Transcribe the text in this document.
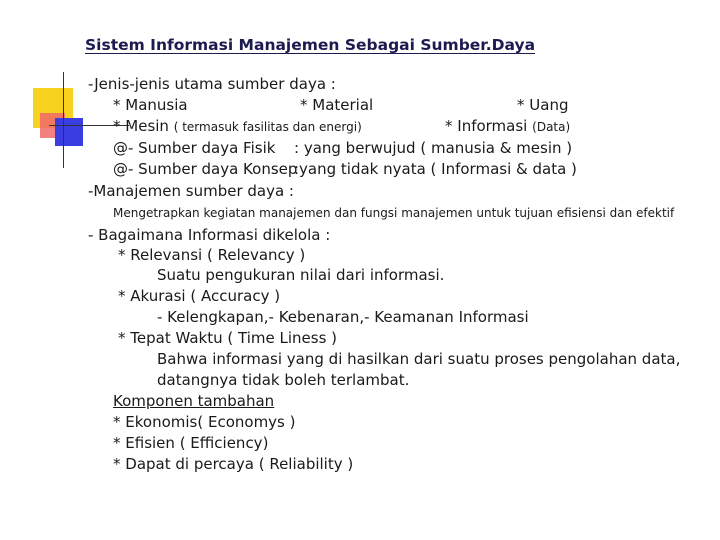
Sistem Informasi Manajemen Sebagai Sumber.Daya
-Jenis-jenis utama sumber daya :
* Manusia	* Material	* Uang
* Mesin ( termasuk fasilitas dan energi)	* Informasi (Data)
@- Sumber daya Fisik : yang berwujud ( manusia & mesin )
@- Sumber daya Konsep
:yang tidak nyata ( Informasi & data )
-Manajemen sumber daya :
Mengetrapkan kegiatan manajemen dan fungsi manajemen untuk tujuan efisiensi dan efektif
- Bagaimana Informasi dikelola :
* Relevansi ( Relevancy )
Suatu pengukuran nilai dari informasi.
* Akurasi ( Accuracy )
- Kelengkapan,- Kebenaran,- Keamanan Informasi
* Tepat Waktu ( Time Liness )
Bahwa informasi yang di hasilkan dari suatu proses pengolahan data,
datangnya tidak boleh terlambat.
Komponen tambahan
* Ekonomis( Economys )
* Efisien ( Efficiency)
* Dapat di percaya ( Reliability )
